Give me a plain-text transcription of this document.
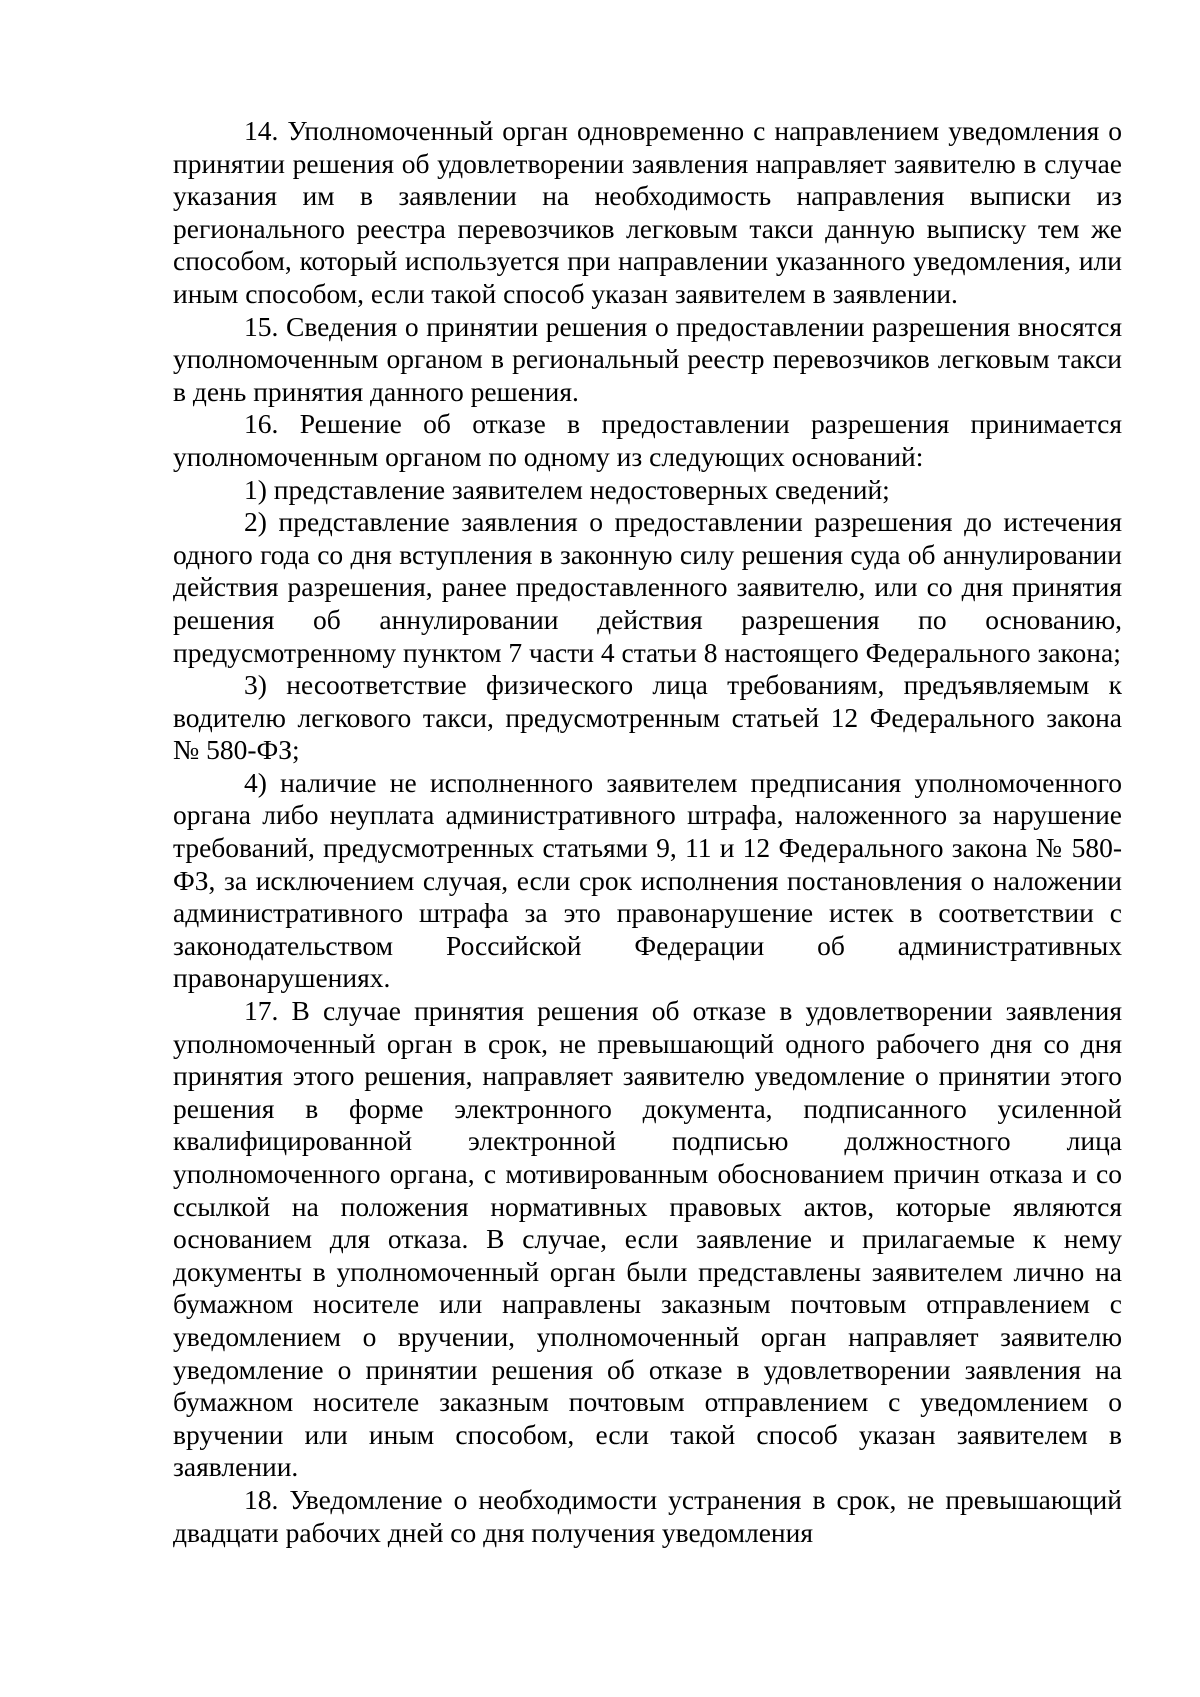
14. Уполномоченный орган одновременно с направлением уведомления о принятии решения об удовлетворении заявления направляет заявителю в случае указания им в заявлении на необходимость направления выписки из регионального реестра перевозчиков легковым такси данную выписку тем же способом, который используется при направлении указанного уведомления, или иным способом, если такой способ указан заявителем в заявлении.

15. Сведения о принятии решения о предоставлении разрешения вносятся уполномоченным органом в региональный реестр перевозчиков легковым такси в день принятия данного решения.

16. Решение об отказе в предоставлении разрешения принимается уполномоченным органом по одному из следующих оснований:

1) представление заявителем недостоверных сведений;

2) представление заявления о предоставлении разрешения до истечения одного года со дня вступления в законную силу решения суда об аннулировании действия разрешения, ранее предоставленного заявителю, или со дня принятия решения об аннулировании действия разрешения по основанию, предусмотренному пунктом 7 части 4 статьи 8 настоящего Федерального закона;

3) несоответствие физического лица требованиям, предъявляемым к водителю легкового такси, предусмотренным статьей 12 Федерального закона № 580-ФЗ;

4) наличие не исполненного заявителем предписания уполномоченного органа либо неуплата административного штрафа, наложенного за нарушение требований, предусмотренных статьями 9, 11 и 12 Федерального закона № 580-ФЗ, за исключением случая, если срок исполнения постановления о наложении административного штрафа за это правонарушение истек в соответствии с законодательством Российской Федерации об административных правонарушениях.

17. В случае принятия решения об отказе в удовлетворении заявления уполномоченный орган в срок, не превышающий одного рабочего дня со дня принятия этого решения, направляет заявителю уведомление о принятии этого решения в форме электронного документа, подписанного усиленной квалифицированной электронной подписью должностного лица уполномоченного органа, с мотивированным обоснованием причин отказа и со ссылкой на положения нормативных правовых актов, которые являются основанием для отказа. В случае, если заявление и прилагаемые к нему документы в уполномоченный орган были представлены заявителем лично на бумажном носителе или направлены заказным почтовым отправлением с уведомлением о вручении, уполномоченный орган направляет заявителю уведомление о принятии решения об отказе в удовлетворении заявления на бумажном носителе заказным почтовым отправлением с уведомлением о вручении или иным способом, если такой способ указан заявителем в заявлении.

18. Уведомление о необходимости устранения в срок, не превышающий двадцати рабочих дней со дня получения уведомления
